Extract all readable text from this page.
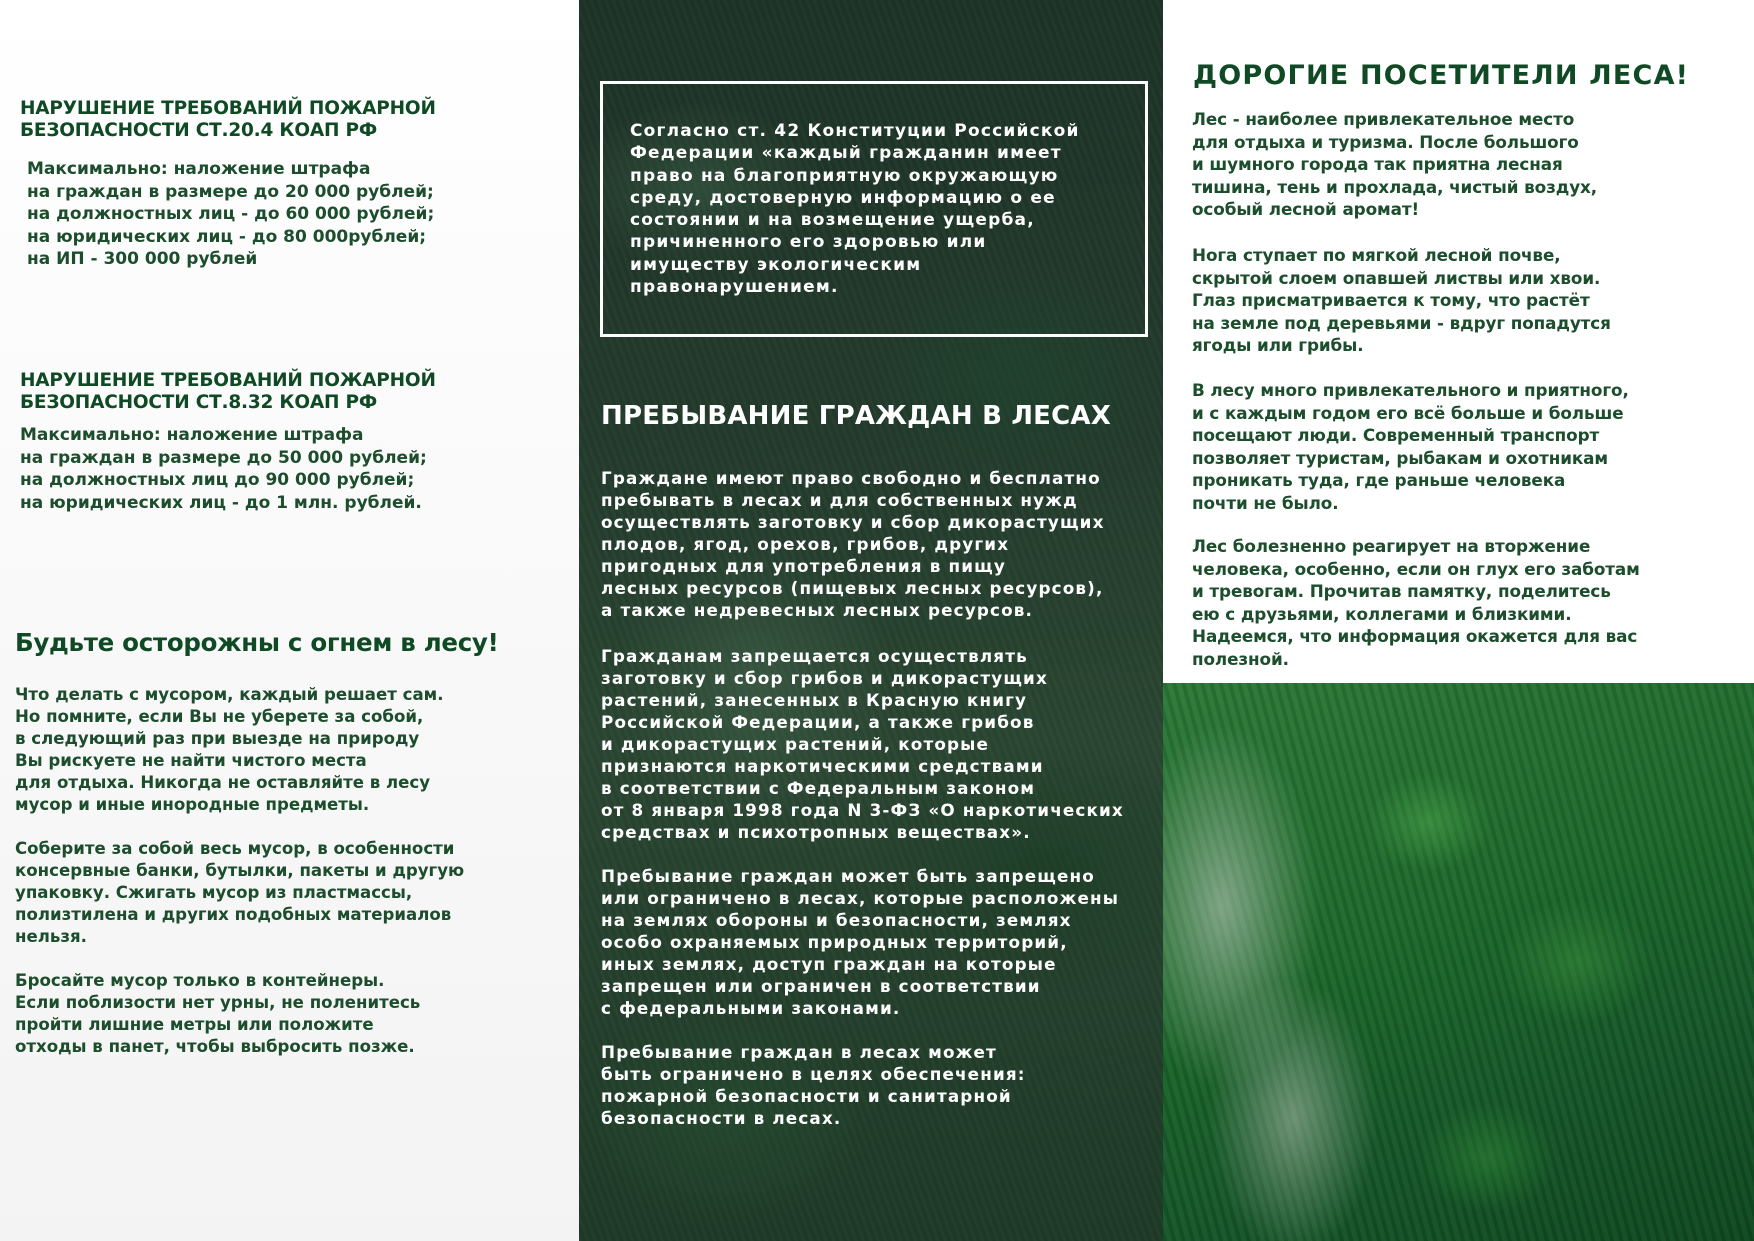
НАРУШЕНИЕ ТРЕБОВАНИЙ ПОЖАРНОЙ
БЕЗОПАСНОСТИ СТ.20.4 КОАП РФ

Максимально: наложение штрафа
на граждан в размере до 20 000 рублей;
на должностных лиц - до 60 000 рублей;
на юридических лиц - до 80 000рублей;
на ИП - 300 000 рублей

НАРУШЕНИЕ ТРЕБОВАНИЙ ПОЖАРНОЙ
БЕЗОПАСНОСТИ СТ.8.32 КОАП РФ

Максимально: наложение штрафа
на граждан в размере до 50 000 рублей;
на должностных лиц до 90 000 рублей;
на юридических лиц - до 1 млн. рублей.

Будьте осторожны с огнем в лесу!

Что делать с мусором, каждый решает сам.
Но помните, если Вы не уберете за собой,
в следующий раз при выезде на природу
Вы рискуете не найти чистого места
для отдыха. Никогда не оставляйте в лесу
мусор и иные инородные предметы.

Соберите за собой весь мусор, в особенности
консервные банки, бутылки, пакеты и другую
упаковку. Сжигать мусор из пластмассы,
полизтилена и других подобных материалов
нельзя.

Бросайте мусор только в контейнеры.
Если поблизости нет урны, не поленитесь
пройти лишние метры или положите
отходы в панет, чтобы выбросить позже.

Согласно ст. 42 Конституции Российской
Федерации «каждый гражданин имеет
право на благоприятную окружающую
среду, достоверную информацию о ее
состоянии и на возмещение ущерба,
причиненного его здоровью или
имуществу экологическим
правонарушением.

ПРЕБЫВАНИЕ ГРАЖДАН В ЛЕСАХ

Граждане имеют право свободно и бесплатно
пребывать в лесах и для собственных нужд
осуществлять заготовку и сбор дикорастущих
плодов, ягод, орехов, грибов, других
пригодных для употребления в пищу
лесных ресурсов (пищевых лесных ресурсов),
а также недревесных лесных ресурсов.

Гражданам запрещается осуществлять
заготовку и сбор грибов и дикорастущих
растений, занесенных в Красную книгу
Российской Федерации, а также грибов
и дикорастущих растений, которые
признаются наркотическими средствами
в соответствии с Федеральным законом
от 8 января 1998 года N 3-ФЗ «О наркотических
средствах и психотропных веществах».

Пребывание граждан может быть запрещено
или ограничено в лесах, которые расположены
на землях обороны и безопасности, землях
особо охраняемых природных территорий,
иных землях, доступ граждан на которые
запрещен или ограничен в соответствии
с федеральными законами.

Пребывание граждан в лесах может
быть ограничено в целях обеспечения:
пожарной безопасности и санитарной
безопасности в лесах.

ДОРОГИЕ ПОСЕТИТЕЛИ ЛЕСА!

Лес - наиболее привлекательное место
для отдыха и туризма. После большого
и шумного города так приятна лесная
тишина, тень и прохлада, чистый воздух,
особый лесной аромат!

Нога ступает по мягкой лесной почве,
скрытой слоем опавшей листвы или хвои.
Глаз присматривается к тому, что растёт
на земле под деревьями - вдруг попадутся
ягоды или грибы.

В лесу много привлекательного и приятного,
и с каждым годом его всё больше и больше
посещают люди. Современный транспорт
позволяет туристам, рыбакам и охотникам
проникать туда, где раньше человека
почти не было.

Лес болезненно реагирует на вторжение
человека, особенно, если он глух его заботам
и тревогам. Прочитав памятку, поделитесь
ею с друзьями, коллегами и близкими.
Надеемся, что информация окажется для вас
полезной.
